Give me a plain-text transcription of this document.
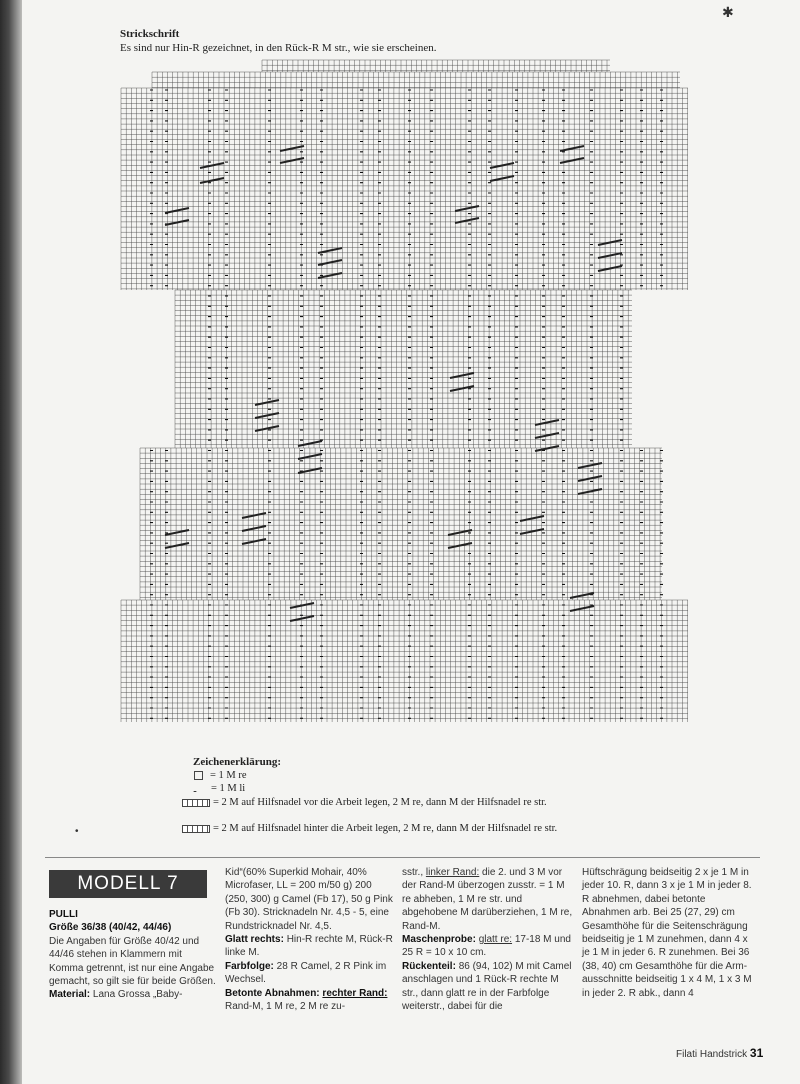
Strickschrift
Es sind nur Hin-R gezeichnet, in den Rück-R M str., wie sie erscheinen.
Zeichenerklärung:
= 1 M re
- = 1 M li
= 2 M auf Hilfsnadel vor die Arbeit legen, 2 M re, dann M der Hilfsnadel re str.
= 2 M auf Hilfsnadel hinter die Arbeit legen, 2 M re, dann M der Hilfsnadel re str.
MODELL 7
PULLI
Größe 36/38 (40/42, 44/46)
Die Angaben für Größe 40/42 und 44/46 stehen in Klammern mit Komma getrennt, ist nur eine Angabe gemacht, so gilt sie für beide Größen.
Material: Lana Grossa „Baby-
Kid“(60% Superkid Mohair, 40% Microfaser, LL = 200 m/50 g) 200 (250, 300) g Camel (Fb 17), 50 g Pink (Fb 30). Stricknadeln Nr. 4,5 - 5, eine Rundstricknadel Nr. 4,5.
Glatt rechts: Hin-R rechte M, Rück-R linke M.
Farbfolge: 28 R Camel, 2 R Pink im Wechsel.
Betonte Abnahmen: rechter Rand: Rand-M, 1 M re, 2 M re zu-
sstr., linker Rand: die 2. und 3 M vor der Rand-M überzogen zusstr. = 1 M re abheben, 1 M re str. und abgehobene M darüberziehen, 1 M re, Rand-M.
Maschenprobe: glatt re: 17-18 M und 25 R = 10 x 10 cm.
Rückenteil: 86 (94, 102) M mit Camel anschlagen und 1 Rück-R rechte M str., dann glatt re in der Farbfolge weiterstr., dabei für die
Hüftschrägung beidseitig 2 x je 1 M in jeder 10. R, dann 3 x je 1 M in jeder 8. R abnehmen, dabei betonte Abnahmen arb. Bei 25 (27, 29) cm Gesamthöhe für die Seitenschrägung beidseitig je 1 M zunehmen, dann 4 x je 1 M in jeder 6. R zunehmen. Bei 36 (38, 40) cm Gesamthöhe für die Arm-ausschnitte beidseitig 1 x 4 M, 1 x 3 M in jeder 2. R abk., dann 4
Filati Handstrick 31
✱
•
